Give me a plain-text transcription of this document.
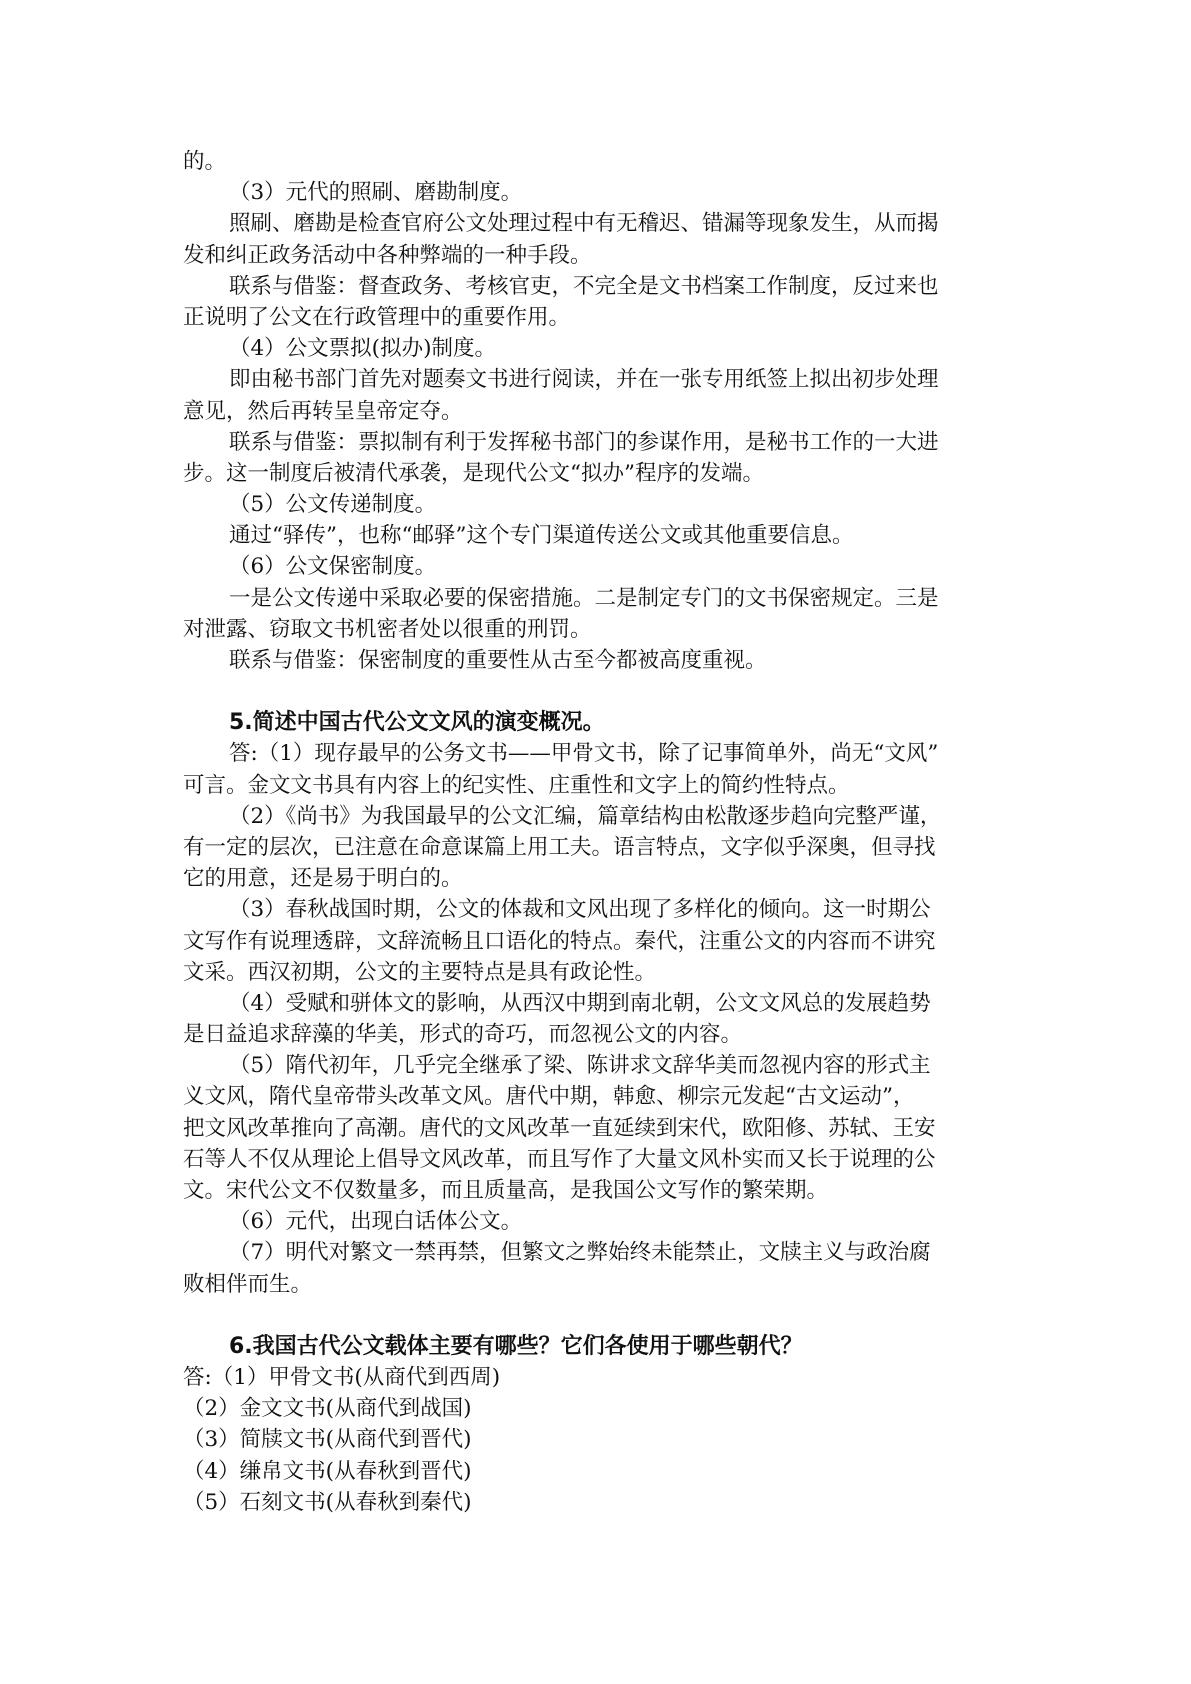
的。
（3）元代的照刷、磨勘制度。
照刷、磨勘是检查官府公文处理过程中有无稽迟、错漏等现象发生，从而揭
发和纠正政务活动中各种弊端的一种手段。
联系与借鉴：督查政务、考核官吏，不完全是文书档案工作制度，反过来也
正说明了公文在行政管理中的重要作用。
（4）公文票拟(拟办)制度。
即由秘书部门首先对题奏文书进行阅读，并在一张专用纸签上拟出初步处理
意见，然后再转呈皇帝定夺。
联系与借鉴：票拟制有利于发挥秘书部门的参谋作用，是秘书工作的一大进
步。这一制度后被清代承袭，是现代公文“拟办”程序的发端。
（5）公文传递制度。
通过“驿传”，也称“邮驿”这个专门渠道传送公文或其他重要信息。
（6）公文保密制度。
一是公文传递中采取必要的保密措施。二是制定专门的文书保密规定。三是
对泄露、窃取文书机密者处以很重的刑罚。
联系与借鉴：保密制度的重要性从古至今都被高度重视。
5.简述中国古代公文文风的演变概况。
答:（1）现存最早的公务文书——甲骨文书，除了记事简单外，尚无“文风”
可言。金文文书具有内容上的纪实性、庄重性和文字上的简约性特点。
（2）《尚书》为我国最早的公文汇编，篇章结构由松散逐步趋向完整严谨，
有一定的层次，已注意在命意谋篇上用工夫。语言特点，文字似乎深奥，但寻找
它的用意，还是易于明白的。
（3）春秋战国时期，公文的体裁和文风出现了多样化的倾向。这一时期公
文写作有说理透辟，文辞流畅且口语化的特点。秦代，注重公文的内容而不讲究
文采。西汉初期，公文的主要特点是具有政论性。
（4）受赋和骈体文的影响，从西汉中期到南北朝，公文文风总的发展趋势
是日益追求辞藻的华美，形式的奇巧，而忽视公文的内容。
（5）隋代初年，几乎完全继承了梁、陈讲求文辞华美而忽视内容的形式主
义文风，隋代皇帝带头改革文风。唐代中期，韩愈、柳宗元发起“古文运动”，
把文风改革推向了高潮。唐代的文风改革一直延续到宋代，欧阳修、苏轼、王安
石等人不仅从理论上倡导文风改革，而且写作了大量文风朴实而又长于说理的公
文。宋代公文不仅数量多，而且质量高，是我国公文写作的繁荣期。
（6）元代，出现白话体公文。
（7）明代对繁文一禁再禁，但繁文之弊始终未能禁止，文牍主义与政治腐
败相伴而生。
6.我国古代公文载体主要有哪些？它们各使用于哪些朝代？
答:（1）甲骨文书(从商代到西周)
（2）金文文书(从商代到战国)
（3）简牍文书(从商代到晋代)
（4）缣帛文书(从春秋到晋代)
（5）石刻文书(从春秋到秦代)
